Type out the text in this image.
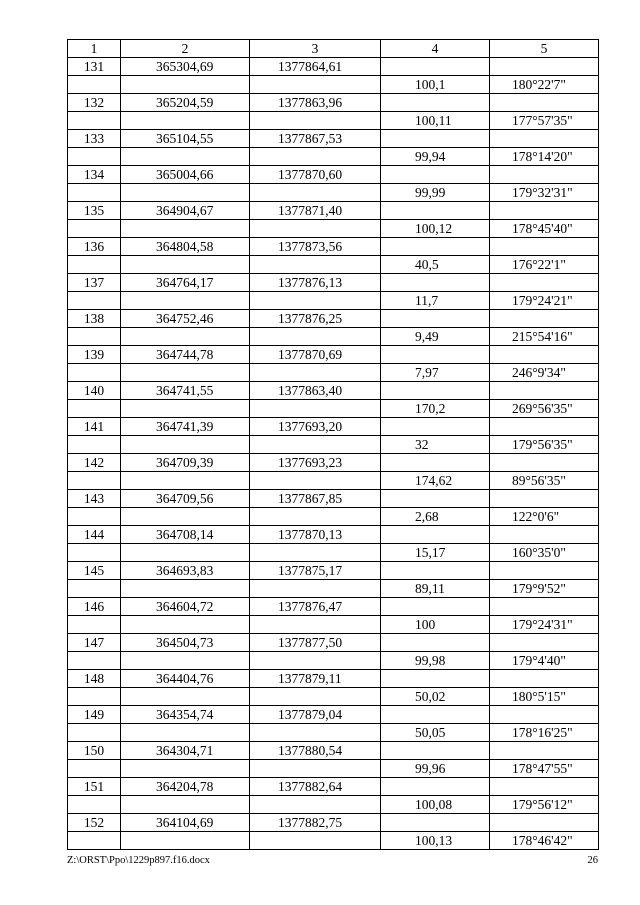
1	2	3	4	5
131	365304,69	1377864,61		
			100,1	180°22'7"
132	365204,59	1377863,96		
			100,11	177°57'35"
133	365104,55	1377867,53		
			99,94	178°14'20"
134	365004,66	1377870,60		
			99,99	179°32'31"
135	364904,67	1377871,40		
			100,12	178°45'40"
136	364804,58	1377873,56		
			40,5	176°22'1"
137	364764,17	1377876,13		
			11,7	179°24'21"
138	364752,46	1377876,25		
			9,49	215°54'16"
139	364744,78	1377870,69		
			7,97	246°9'34"
140	364741,55	1377863,40		
			170,2	269°56'35"
141	364741,39	1377693,20		
			32	179°56'35"
142	364709,39	1377693,23		
			174,62	89°56'35"
143	364709,56	1377867,85		
			2,68	122°0'6"
144	364708,14	1377870,13		
			15,17	160°35'0"
145	364693,83	1377875,17		
			89,11	179°9'52"
146	364604,72	1377876,47		
			100	179°24'31"
147	364504,73	1377877,50		
			99,98	179°4'40"
148	364404,76	1377879,11		
			50,02	180°5'15"
149	364354,74	1377879,04		
			50,05	178°16'25"
150	364304,71	1377880,54		
			99,96	178°47'55"
151	364204,78	1377882,64		
			100,08	179°56'12"
152	364104,69	1377882,75		
			100,13	178°46'42"
Z:\ORST\Ppo\1229p897.f16.docx	26
